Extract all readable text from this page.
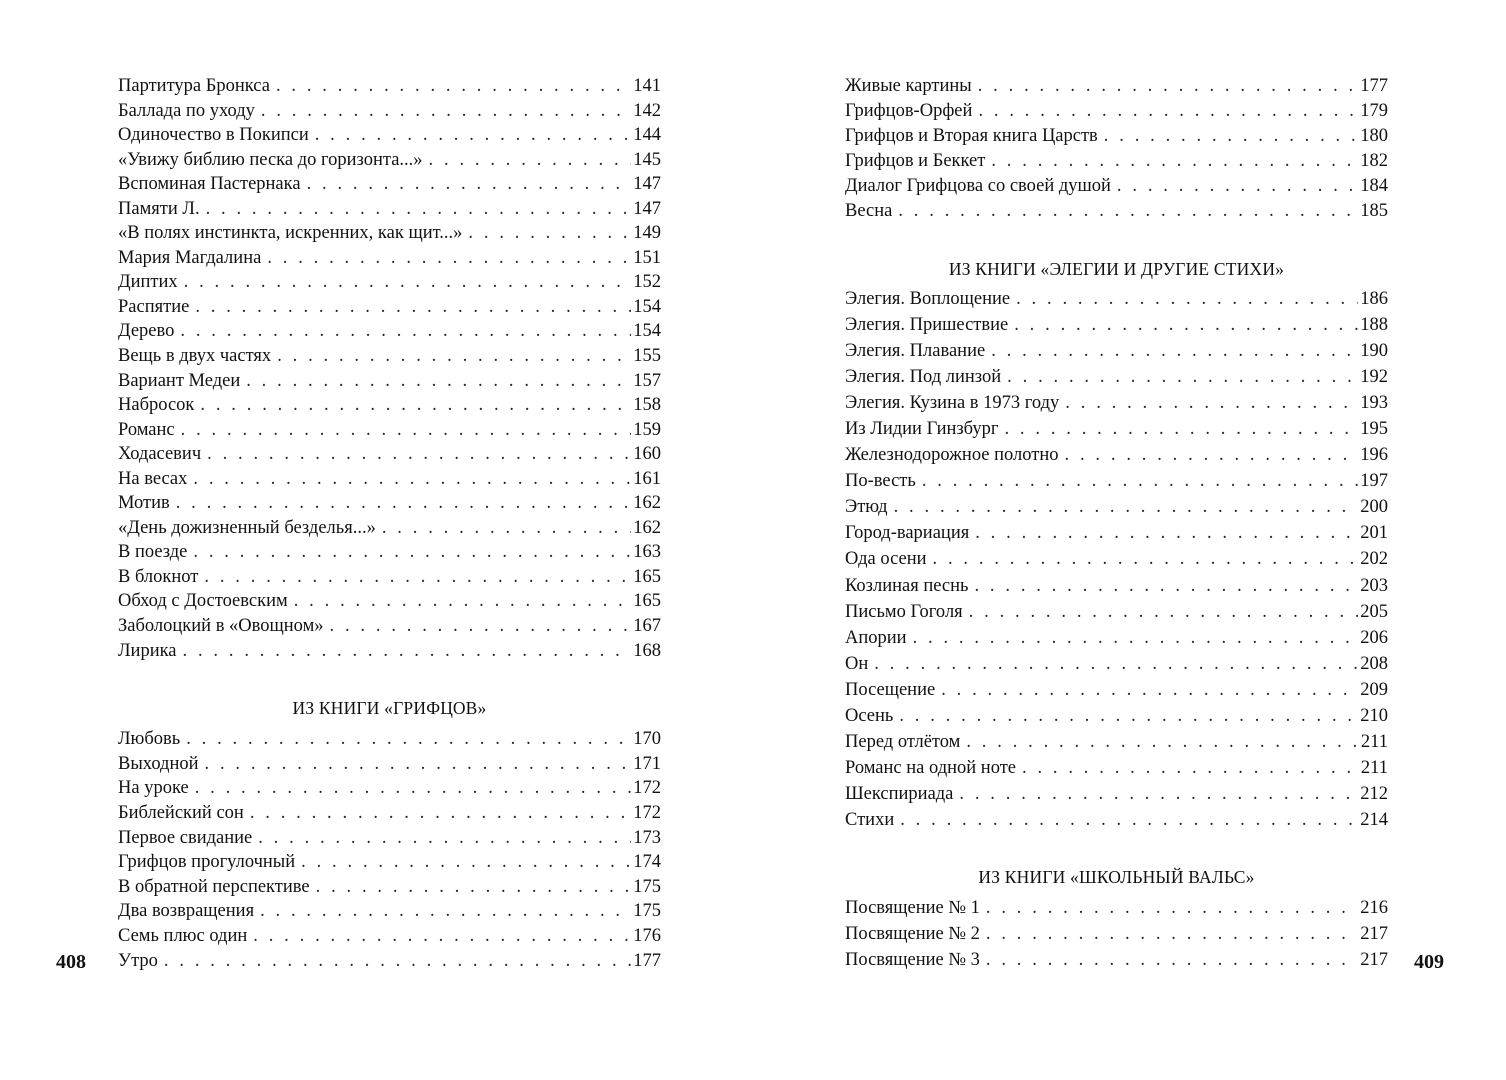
Партитура Бронкса . . .	141
Баллада по уходу . . .	142
Одиночество в Покипси . . .	144
«Увижу библию песка до горизонта...» . . .	145
Вспоминая Пастернака . . .	147
Памяти Л. . . .	147
«В полях инстинкта, искренних, как щит...» . . .	149
Мария Магдалина . . .	151
Диптих . . .	152
Распятие . . .	154
Дерево . . .	154
Вещь в двух частях . . .	155
Вариант Медеи . . .	157
Набросок . . .	158
Романс . . .	159
Ходасевич . . .	160
На весах . . .	161
Мотив . . .	162
«День дожизненный безделья...» . . .	162
В поезде . . .	163
В блокнот . . .	165
Обход с Достоевским . . .	165
Заболоцкий в «Овощном» . . .	167
Лирика . . .	168
ИЗ КНИГИ «ГРИФЦОВ»
Любовь . . .	170
Выходной . . .	171
На уроке . . .	172
Библейский сон . . .	172
Первое свидание . . .	173
Грифцов прогулочный . . .	174
В обратной перспективе . . .	175
Два возвращения . . .	175
Семь плюс один . . .	176
Утро . . .	177
408
Живые картины . . .	177
Грифцов-Орфей . . .	179
Грифцов и Вторая книга Царств . . .	180
Грифцов и Беккет . . .	182
Диалог Грифцова со своей душой . . .	184
Весна . . .	185
ИЗ КНИГИ «ЭЛЕГИИ И ДРУГИЕ СТИХИ»
Элегия. Воплощение . . .	186
Элегия. Пришествие . . .	188
Элегия. Плавание . . .	190
Элегия. Под линзой . . .	192
Элегия. Кузина в 1973 году . . .	193
Из Лидии Гинзбург . . .	195
Железнодорожное полотно . . .	196
По-весть . . .	197
Этюд . . .	200
Город-вариация . . .	201
Ода осени . . .	202
Козлиная песнь . . .	203
Письмо Гоголя . . .	205
Апории . . .	206
Он . . .	208
Посещение . . .	209
Осень . . .	210
Перед отлётом . . .	211
Романс на одной ноте . . .	211
Шекспириада . . .	212
Стихи . . .	214
ИЗ КНИГИ «ШКОЛЬНЫЙ ВАЛЬС»
Посвящение № 1 . . .	216
Посвящение № 2 . . .	217
Посвящение № 3 . . .	217 409
